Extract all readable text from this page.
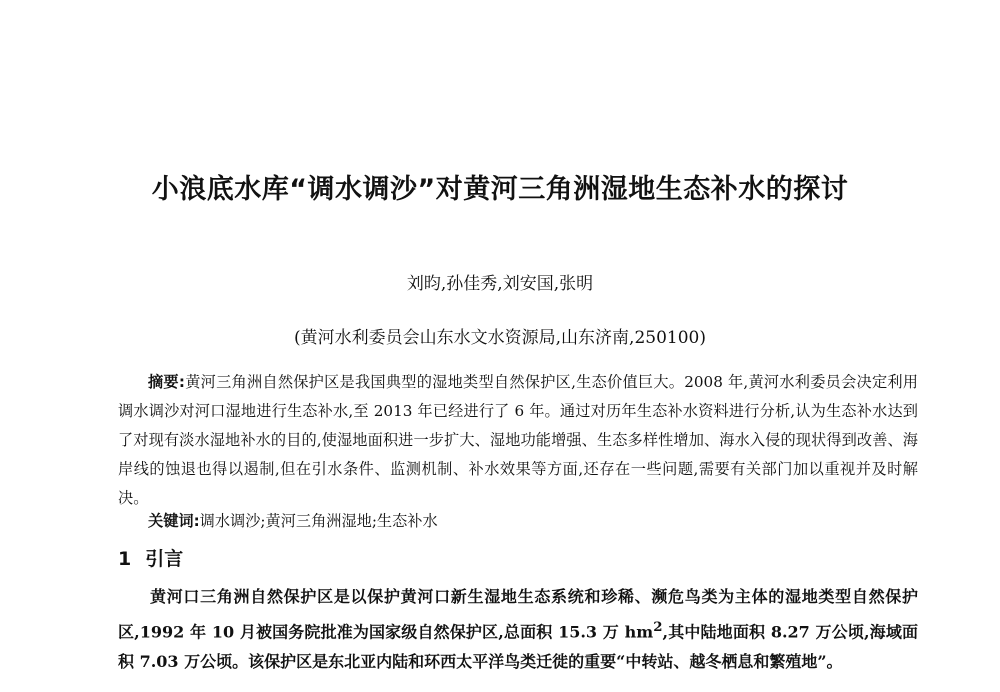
小浪底水库“调水调沙”对黄河三角洲湿地生态补水的探讨
刘昀,孙佳秀,刘安国,张明
(黄河水利委员会山东水文水资源局,山东济南,250100)

摘要:黄河三角洲自然保护区是我国典型的湿地类型自然保护区,生态价值巨大。2008 年,黄河水利委员会决定利用调水调沙对河口湿地进行生态补水,至 2013 年已经进行了 6 年。通过对历年生态补水资料进行分析,认为生态补水达到了对现有淡水湿地补水的目的,使湿地面积进一步扩大、湿地功能增强、生态多样性增加、海水入侵的现状得到改善、海岸线的蚀退也得以遏制,但在引水条件、监测机制、补水效果等方面,还存在一些问题,需要有关部门加以重视并及时解决。

关键词:调水调沙;黄河三角洲湿地;生态补水

1 引言

黄河口三角洲自然保护区是以保护黄河口新生湿地生态系统和珍稀、濒危鸟类为主体的湿地类型自然保护区,1992 年 10 月被国务院批准为国家级自然保护区,总面积 15.3 万 $hm^2$,其中陆地面积 8.27 万公顷,海域面积 7.03 万公顷。该保护区是东北亚内陆和环西太平洋鸟类迁徙的重要“中转站、越冬栖息和繁殖地”。
